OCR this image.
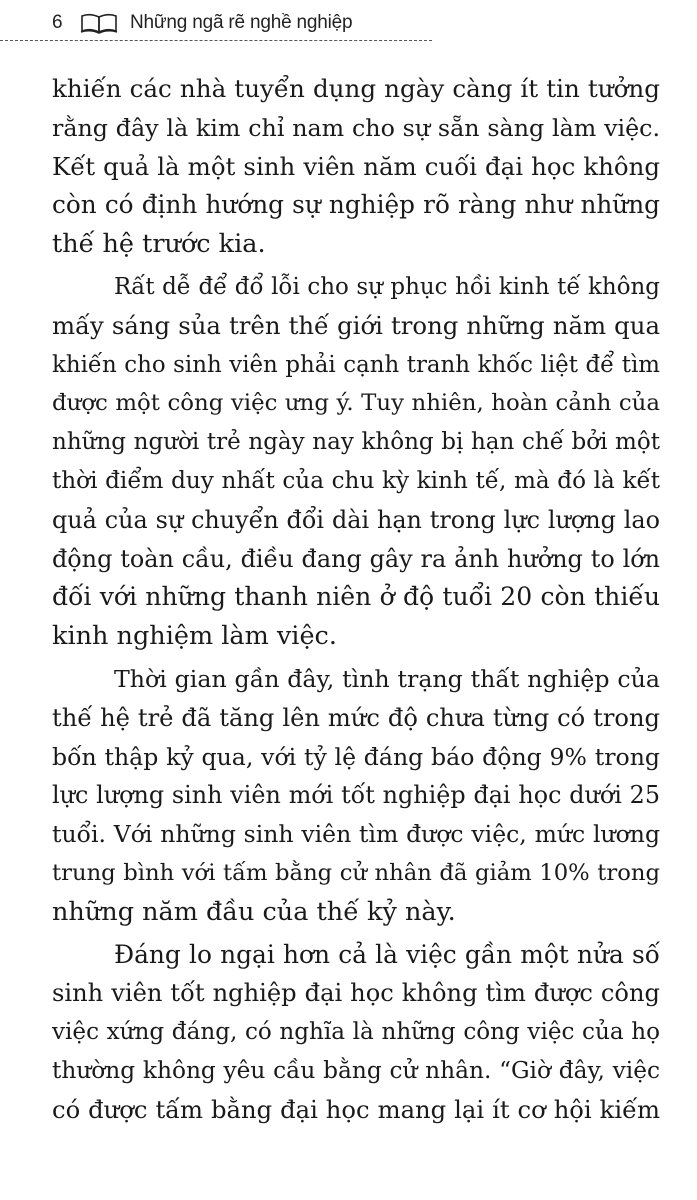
6	Những ngã rẽ nghề nghiệp
khiến các nhà tuyển dụng ngày càng ít tin tưởng
rằng đây là kim chỉ nam cho sự sẵn sàng làm việc.
Kết quả là một sinh viên năm cuối đại học không
còn có định hướng sự nghiệp rõ ràng như những
thế hệ trước kia.
Rất dễ để đổ lỗi cho sự phục hồi kinh tế không
mấy sáng sủa trên thế giới trong những năm qua
khiến cho sinh viên phải cạnh tranh khốc liệt để tìm
được một công việc ưng ý. Tuy nhiên, hoàn cảnh của
những người trẻ ngày nay không bị hạn chế bởi một
thời điểm duy nhất của chu kỳ kinh tế, mà đó là kết
quả của sự chuyển đổi dài hạn trong lực lượng lao
động toàn cầu, điều đang gây ra ảnh hưởng to lớn
đối với những thanh niên ở độ tuổi 20 còn thiếu
kinh nghiệm làm việc.
Thời gian gần đây, tình trạng thất nghiệp của
thế hệ trẻ đã tăng lên mức độ chưa từng có trong
bốn thập kỷ qua, với tỷ lệ đáng báo động 9% trong
lực lượng sinh viên mới tốt nghiệp đại học dưới 25
tuổi. Với những sinh viên tìm được việc, mức lương
trung bình với tấm bằng cử nhân đã giảm 10% trong
những năm đầu của thế kỷ này.
Đáng lo ngại hơn cả là việc gần một nửa số
sinh viên tốt nghiệp đại học không tìm được công
việc xứng đáng, có nghĩa là những công việc của họ
thường không yêu cầu bằng cử nhân. “Giờ đây, việc
có được tấm bằng đại học mang lại ít cơ hội kiếm
